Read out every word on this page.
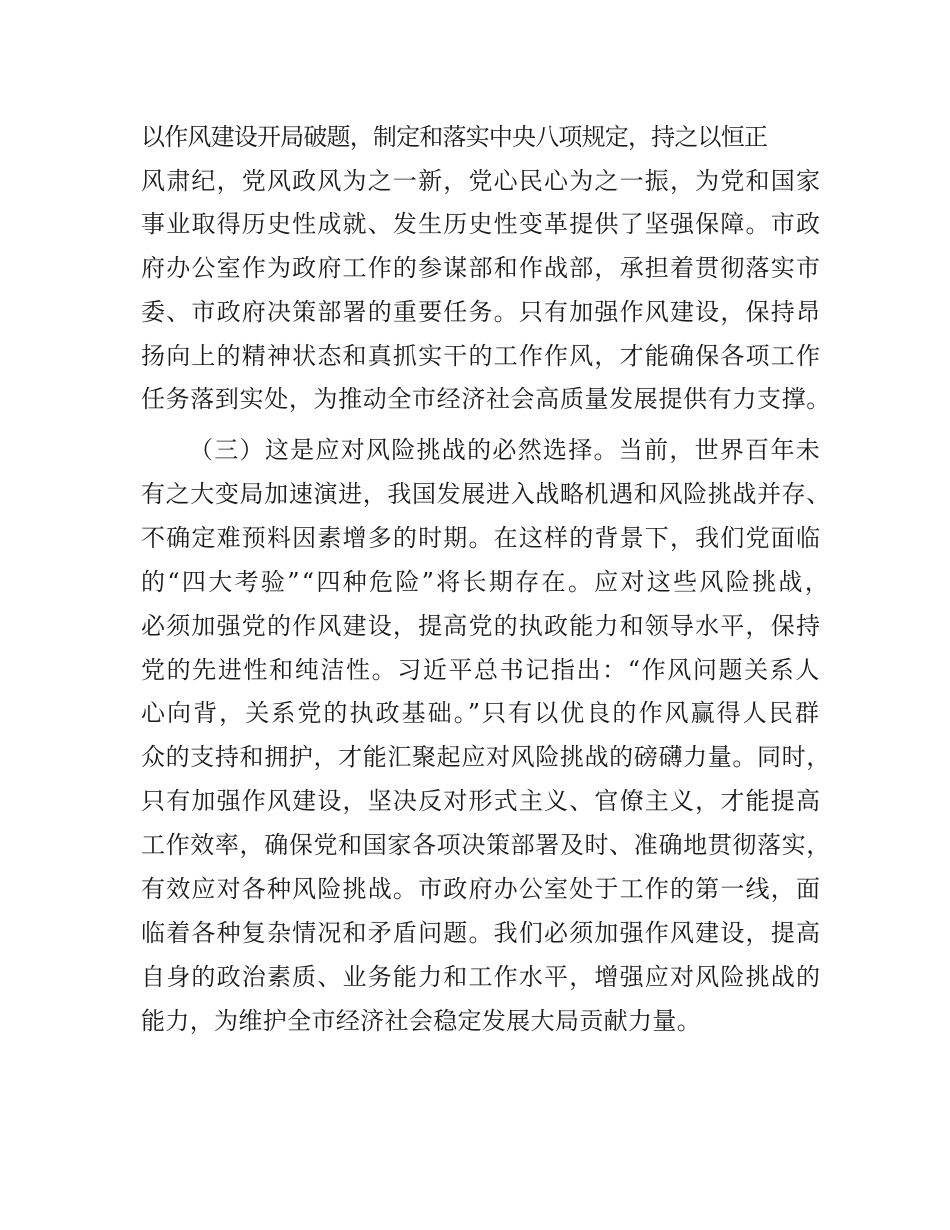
以作风建设开局破题，制定和落实中央八项规定，持之以恒正
风肃纪，党风政风为之一新，党心民心为之一振，为党和国家
事业取得历史性成就、发生历史性变革提供了坚强保障。市政
府办公室作为政府工作的参谋部和作战部，承担着贯彻落实市
委、市政府决策部署的重要任务。只有加强作风建设，保持昂
扬向上的精神状态和真抓实干的工作作风，才能确保各项工作
任务落到实处，为推动全市经济社会高质量发展提供有力支撑。
（三）这是应对风险挑战的必然选择。当前，世界百年未
有之大变局加速演进，我国发展进入战略机遇和风险挑战并存、
不确定难预料因素增多的时期。在这样的背景下，我们党面临
的“四大考验”“四种危险”将长期存在。应对这些风险挑战，
必须加强党的作风建设，提高党的执政能力和领导水平，保持
党的先进性和纯洁性。习近平总书记指出：“作风问题关系人
心向背，关系党的执政基础。”只有以优良的作风赢得人民群
众的支持和拥护，才能汇聚起应对风险挑战的磅礴力量。同时，
只有加强作风建设，坚决反对形式主义、官僚主义，才能提高
工作效率，确保党和国家各项决策部署及时、准确地贯彻落实，
有效应对各种风险挑战。市政府办公室处于工作的第一线，面
临着各种复杂情况和矛盾问题。我们必须加强作风建设，提高
自身的政治素质、业务能力和工作水平，增强应对风险挑战的
能力，为维护全市经济社会稳定发展大局贡献力量。
